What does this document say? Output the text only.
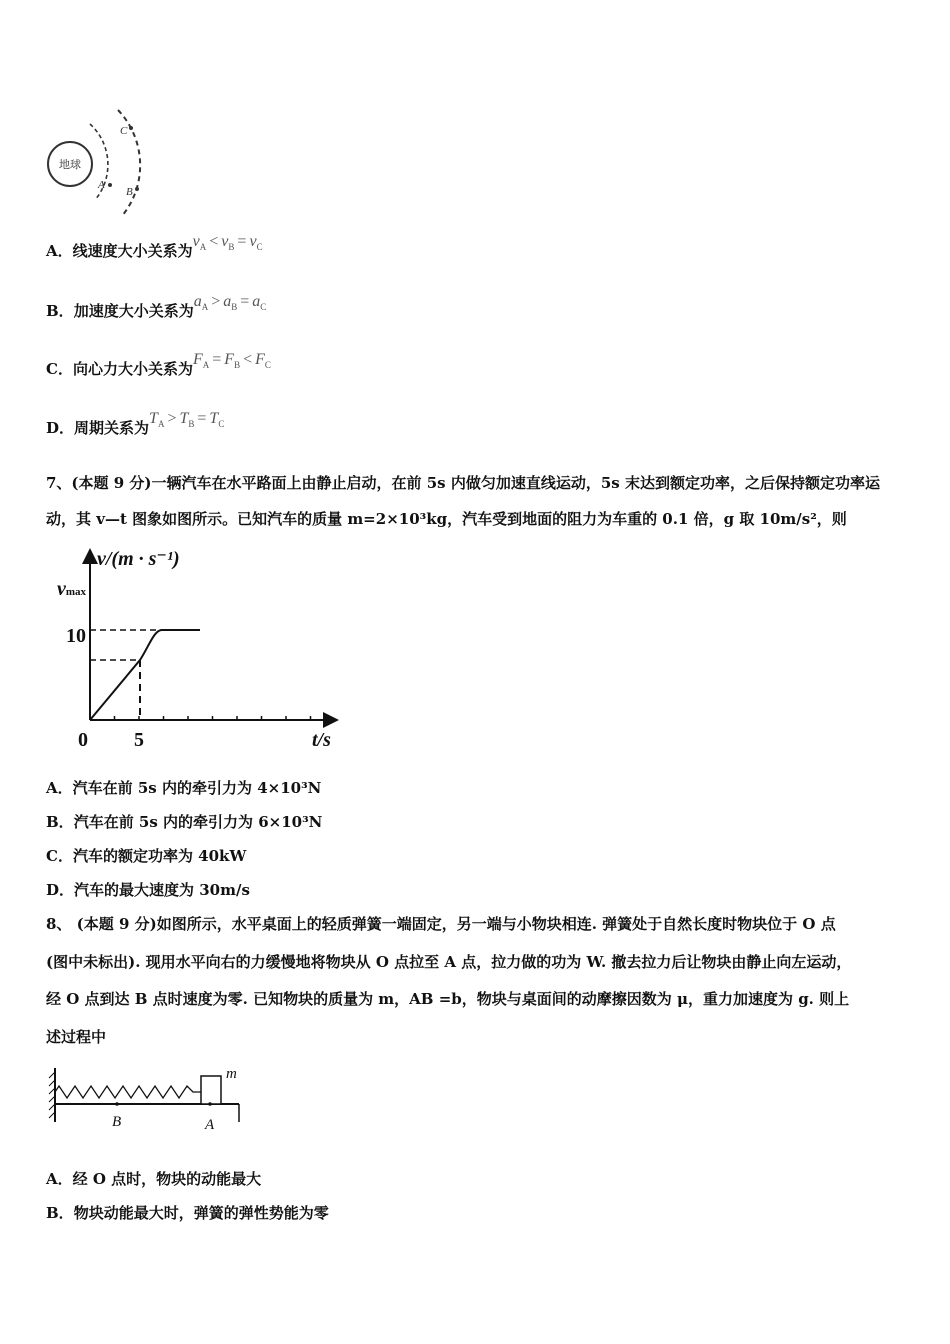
地球
C
A
B
A．线速度大小关系为$v_A < v_B = v_C$
B．加速度大小关系为$a_A > a_B = a_C$
C．向心力大小关系为$F_A = F_B < F_C$
D．周期关系为$T_A > T_B = T_C$
7、(本题 9 分)一辆汽车在水平路面上由静止启动，在前 5s 内做匀加速直线运动，5s 末达到额定功率，之后保持额定功率运动，其 v—t 图象如图所示。已知汽车的质量 m=2×10³kg，汽车受到地面的阻力为车重的 0.1 倍，g 取 10m/s²，则
v/(m · s⁻¹)
t/s
0 5
10
vmax
A．汽车在前 5s 内的牵引力为 4×10³N
B．汽车在前 5s 内的牵引力为 6×10³N
C．汽车的额定功率为 40kW
D．汽车的最大速度为 30m/s
8、 (本题 9 分)如图所示，水平桌面上的轻质弹簧一端固定，另一端与小物块相连. 弹簧处于自然长度时物块位于 O 点
(图中未标出). 现用水平向右的力缓慢地将物块从 O 点拉至 A 点，拉力做的功为 W. 撤去拉力后让物块由静止向左运动，
经 O 点到达 B 点时速度为零. 已知物块的质量为 m，AB =b，物块与桌面间的动摩擦因数为 μ，重力加速度为 g. 则上
述过程中
m
B	A
A．经 O 点时，物块的动能最大
B．物块动能最大时，弹簧的弹性势能为零
